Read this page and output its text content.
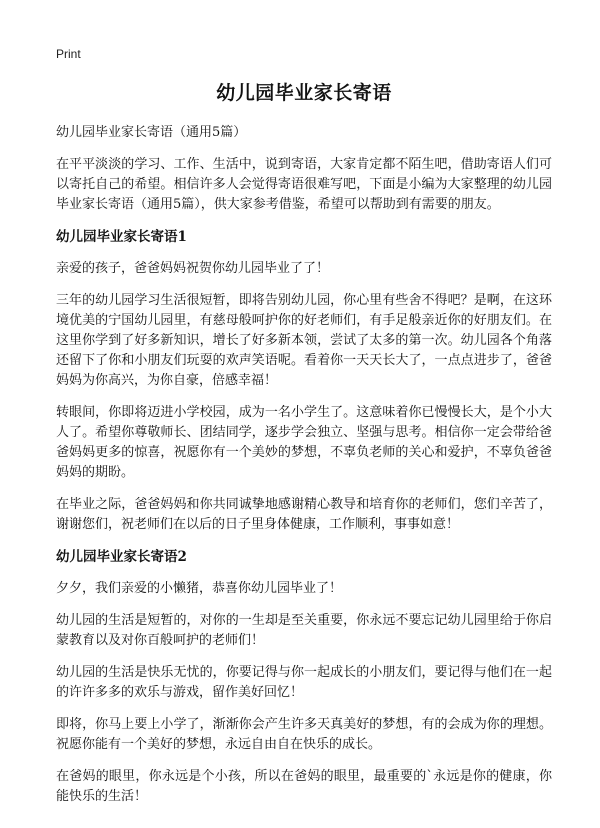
Print
幼儿园毕业家长寄语
幼儿园毕业家长寄语（通用5篇）

在平平淡淡的学习、工作、生活中，说到寄语，大家肯定都不陌生吧，借助寄语人们可以寄托自己的希望。相信许多人会觉得寄语很难写吧，下面是小编为大家整理的幼儿园毕业家长寄语（通用5篇），供大家参考借鉴，希望可以帮助到有需要的朋友。

幼儿园毕业家长寄语1

亲爱的孩子，爸爸妈妈祝贺你幼儿园毕业了了！

三年的幼儿园学习生活很短暂，即将告别幼儿园，你心里有些舍不得吧？是啊，在这环境优美的宁国幼儿园里，有慈母般呵护你的好老师们，有手足般亲近你的好朋友们。在这里你学到了好多新知识，增长了好多新本领，尝试了太多的第一次。幼儿园各个角落还留下了你和小朋友们玩耍的欢声笑语呢。看着你一天天长大了，一点点进步了，爸爸妈妈为你高兴，为你自豪，倍感幸福！

转眼间，你即将迈进小学校园，成为一名小学生了。这意味着你已慢慢长大，是个小大人了。希望你尊敬师长、团结同学，逐步学会独立、坚强与思考。相信你一定会带给爸爸妈妈更多的惊喜，祝愿你有一个美妙的梦想，不辜负老师的关心和爱护，不辜负爸爸妈妈的期盼。

在毕业之际，爸爸妈妈和你共同诚挚地感谢精心教导和培育你的老师们，您们辛苦了，谢谢您们，祝老师们在以后的日子里身体健康，工作顺利，事事如意！

幼儿园毕业家长寄语2

夕夕，我们亲爱的小懒猪，恭喜你幼儿园毕业了！

幼儿园的生活是短暂的，对你的一生却是至关重要，你永远不要忘记幼儿园里给于你启蒙教育以及对你百般呵护的老师们！

幼儿园的生活是快乐无忧的，你要记得与你一起成长的小朋友们，要记得与他们在一起的许许多多的欢乐与游戏，留作美好回忆！

即将，你马上要上小学了，渐渐你会产生许多天真美好的梦想，有的会成为你的理想。祝愿你能有一个美好的梦想，永远自由自在快乐的成长。

在爸妈的眼里，你永远是个小孩，所以在爸妈的眼里，最重要的`永远是你的健康，你能快乐的生活！
